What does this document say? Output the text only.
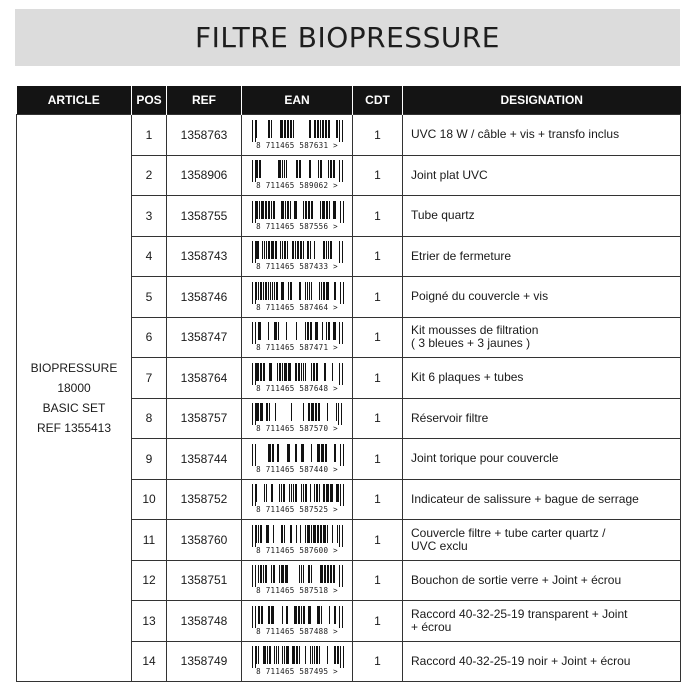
FILTRE BIOPRESSURE
ARTICLE	POS	REF	EAN	CDT	DESIGNATION

BIOPRESSURE
18000
BASIC SET
REF 1355413	1	1358763	8 711465 587631 >	1	UVC 18 W / câble + vis + transfo inclus
	2	1358906	8 711465 589062 >	1	Joint plat UVC
	3	1358755	8 711465 587556 >	1	Tube quartz
	4	1358743	8 711465 587433 >	1	Etrier de fermeture
	5	1358746	8 711465 587464 >	1	Poigné du couvercle + vis
	6	1358747	8 711465 587471 >	1	Kit mousses de filtration
( 3 bleues + 3 jaunes )
	7	1358764	8 711465 587648 >	1	Kit 6 plaques + tubes
	8	1358757	8 711465 587570 >	1	Réservoir filtre
	9	1358744	8 711465 587440 >	1	Joint torique pour couvercle
	10	1358752	8 711465 587525 >	1	Indicateur de salissure + bague de serrage
	11	1358760	8 711465 587600 >	1	Couvercle filtre + tube carter quartz /
UVC exclu
	12	1358751	8 711465 587518 >	1	Bouchon de sortie verre + Joint + écrou
	13	1358748	8 711465 587488 >	1	Raccord 40-32-25-19 transparent + Joint
+ écrou
	14	1358749	8 711465 587495 >	1	Raccord 40-32-25-19 noir + Joint + écrou
